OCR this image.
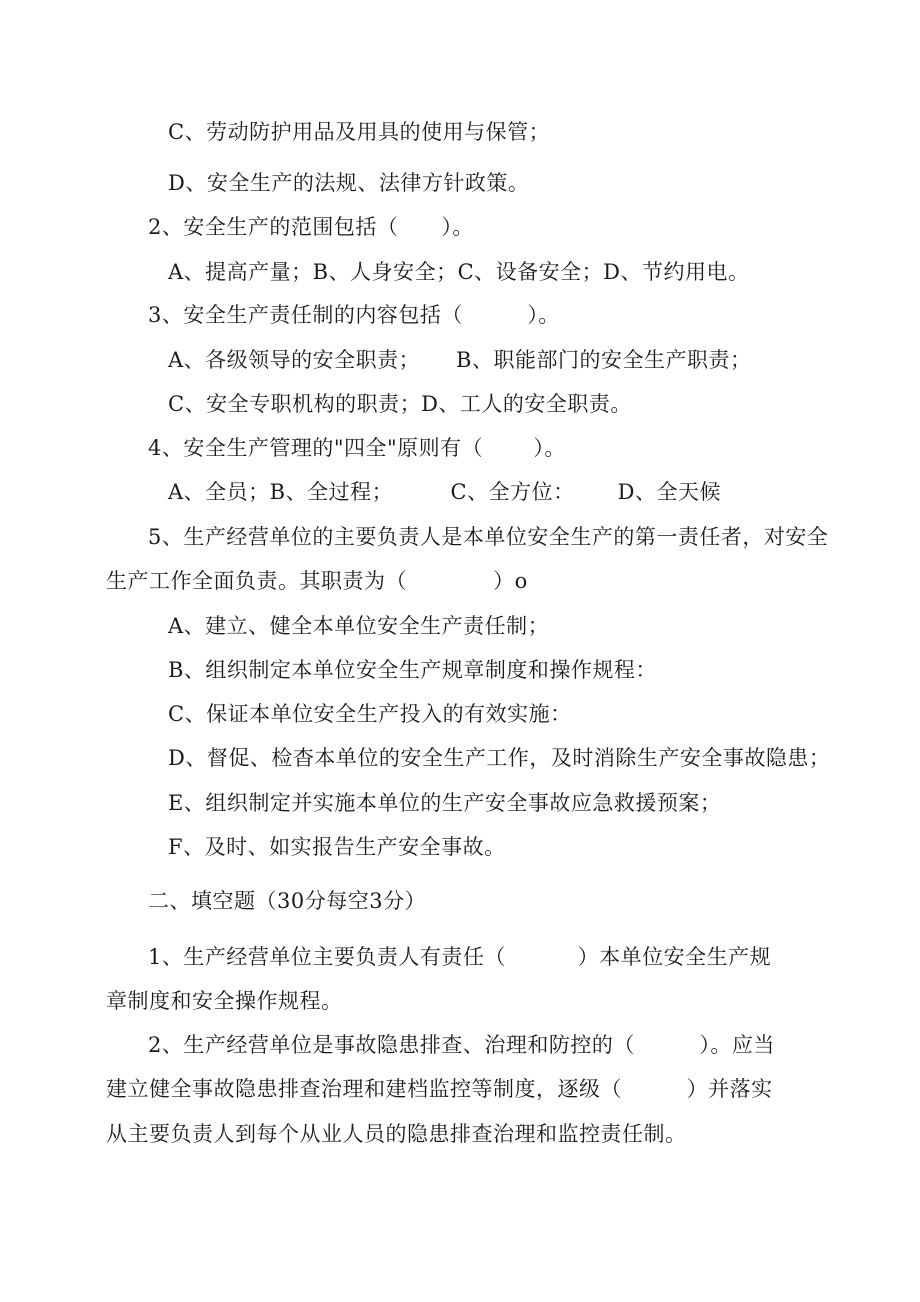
C、劳动防护用品及用具的使用与保管；
D、安全生产的法规、法律方针政策。
2、安全生产的范围包括（      ）。
A、提高产量；B、人身安全；C、设备安全；D、节约用电。
3、安全生产责任制的内容包括（         ）。
A、各级领导的安全职责；     B、职能部门的安全生产职责；
C、安全专职机构的职责；D、工人的安全职责。
4、安全生产管理的"四全"原则有（       ）。
A、全员；B、全过程；        C、全方位：      D、全天候
5、生产经营单位的主要负责人是本单位安全生产的第一责任者，对安全
生产工作全面负责。其职责为（            ）o
A、建立、健全本单位安全生产责任制；
B、组织制定本单位安全生产规章制度和操作规程：
C、保证本单位安全生产投入的有效实施：
D、督促、检杳本单位的安全生产工作，及时消除生产安全事故隐患；
E、组织制定并实施本单位的生产安全事故应急救援预案；
F、及时、如实报告生产安全事故。
二、填空题（30分每空3分）
1、生产经营单位主要负责人有责任（          ）本单位安全生产规
章制度和安全操作规程。
2、生产经营单位是事故隐患排查、治理和防控的（         ）。应当
建立健全事故隐患排查治理和建档监控等制度，逐级（         ）并落实
从主要负责人到每个从业人员的隐患排查治理和监控责任制。
